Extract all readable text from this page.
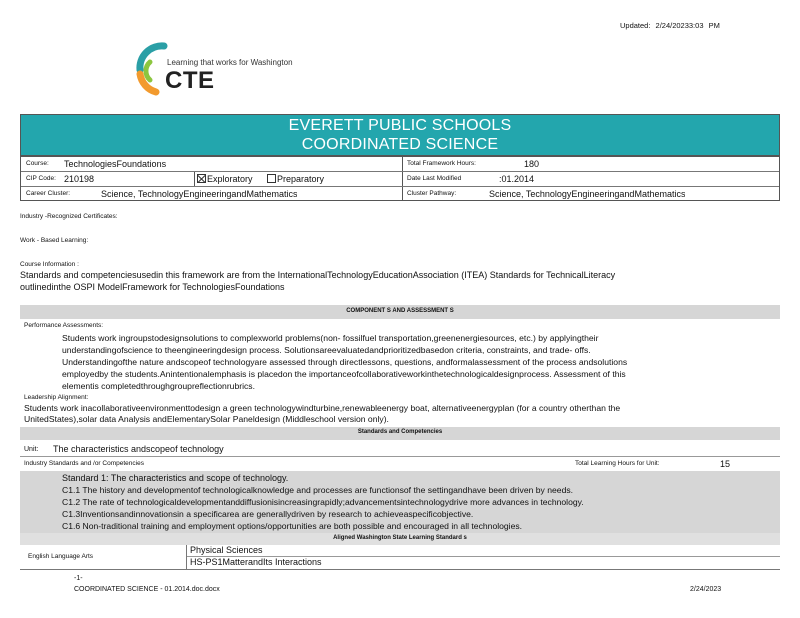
Updated: 2/24/20233:03 PM
Learning that works for Washington
CTE
EVERETT PUBLIC SCHOOLS
COORDINATED SCIENCE
Course: TechnologiesFoundations	Total Framework Hours:	180
CIP Code: 210198	Exploratory	Preparatory	Date Last Modified	:01.2014
Career Cluster:	Science, TechnologyEngineeringandMathematics	Cluster Pathway:	Science, TechnologyEngineeringandMathematics
Industry -Recognized Certificates:
Work - Based Learning:
Course Information :
Standards and competenciesusedin this framework are from the InternationalTechnologyEducationAssociation (ITEA) Standards for TechnicalLiteracy
outlinedinthe OSPI ModelFramework for TechnologiesFoundations
COMPONENT S AND ASSESSMENT S
Performance Assessments:
Students work ingroupstodesignsolutions to complexworld problems(non- fossilfuel transportation,greenenergiesources, etc.) by applyingtheir
understandingofscience to theengineeringdesign process. Solutionsareevaluatedandprioritizedbasedon criteria, constraints, and trade- offs.
Understandingofthe nature andscopeof technologyare assessed through directlessons, questions, andformalassessment of the process andsolutions
employedby the students.Anintentionalemphasis is placedon the importanceofcollaborativeworkinthetechnologicaldesignprocess. Assessment of this
elementis completedthroughgroupreflectionrubrics.
Leadership Alignment:
Students work inacollaborativeenvironmenttodesign a green technologywindturbine,renewableenergy boat, alternativeenergyplan (for a country otherthan the
UnitedStates),solar data Analysis andElementarySolar Paneldesign (Middleschool version only).
Standards and Competencies
Unit: The characteristics andscopeof technology
Industry Standards and /or Competencies	Total Learning Hours for Unit:	15
Standard 1: The characteristics and scope of technology.
C1.1 The history and developmentof technologicalknowledge and processes are functionsof the settingandhave been driven by needs.
C1.2 The rate of technologicaldevelopmentanddiffusionisincreasingrapidly;advancementsintechnologydrive more advances in technology.
C1.3Inventionsandinnovationsin a specificarea are generallydriven by research to achieveaspecificobjective.
C1.6 Non-traditional training and employment options/opportunities are both possible and encouraged in all technologies.
Aligned Washington State Learning Standard s
English Language Arts
Physical Sciences
HS-PS1MatterandIts Interactions
-1-
COORDINATED SCIENCE - 01.2014.doc.docx	2/24/2023
